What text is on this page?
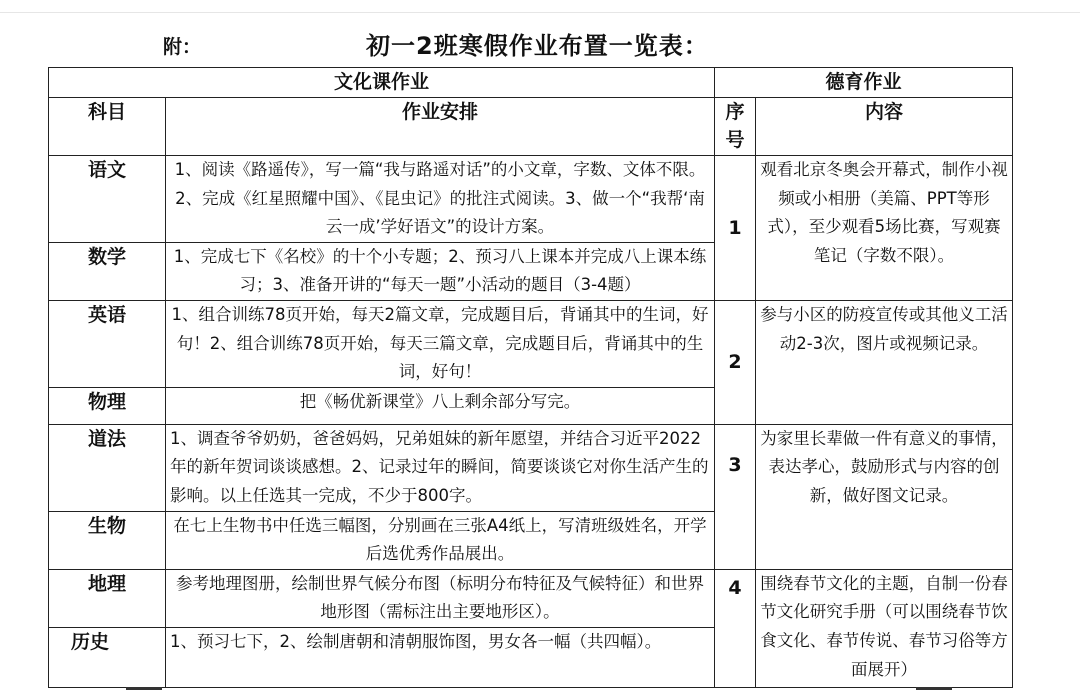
附：	初一2班寒假作业布置一览表：
文化课作业		德育作业	
科目	作业安排	序号	内容
语文	1、阅读《路遥传》，写一篇“我与路遥对话”的小文章，字数、文体不限。2、完成《红星照耀中国》、《昆虫记》的批注式阅读。3、做一个“我帮‘南云一成’学好语文”的设计方案。	1	观看北京冬奥会开幕式，制作小视频或小相册（美篇、PPT等形式），至少观看5场比赛，写观赛笔记（字数不限）。
数学	1、完成七下《名校》的十个小专题；2、预习八上课本并完成八上课本练习；3、准备开讲的“每天一题”小活动的题目（3-4题）		
英语	1、组合训练78页开始，每天2篇文章，完成题目后，背诵其中的生词，好句！2、组合训练78页开始，每天三篇文章，完成题目后，背诵其中的生词，好句！	2	参与小区的防疫宣传或其他义工活动2-3次，图片或视频记录。
物理	把《畅优新课堂》八上剩余部分写完。		
道法	1、调查爷爷奶奶，爸爸妈妈，兄弟姐妹的新年愿望，并结合习近平2022年的新年贺词谈谈感想。2、记录过年的瞬间，简要谈谈它对你生活产生的影响。以上任选其一完成，不少于800字。	3	为家里长辈做一件有意义的事情，表达孝心，鼓励形式与内容的创新，做好图文记录。
生物	在七上生物书中任选三幅图，分别画在三张A4纸上，写清班级姓名，开学后选优秀作品展出。		
地理	参考地理图册，绘制世界气候分布图（标明分布特征及气候特征）和世界地形图（需标注出主要地形区）。	4	围绕春节文化的主题，自制一份春节文化研究手册（可以围绕春节饮食文化、春节传说、春节习俗等方面展开）
历史	1、预习七下，2、绘制唐朝和清朝服饰图，男女各一幅（共四幅）。		
